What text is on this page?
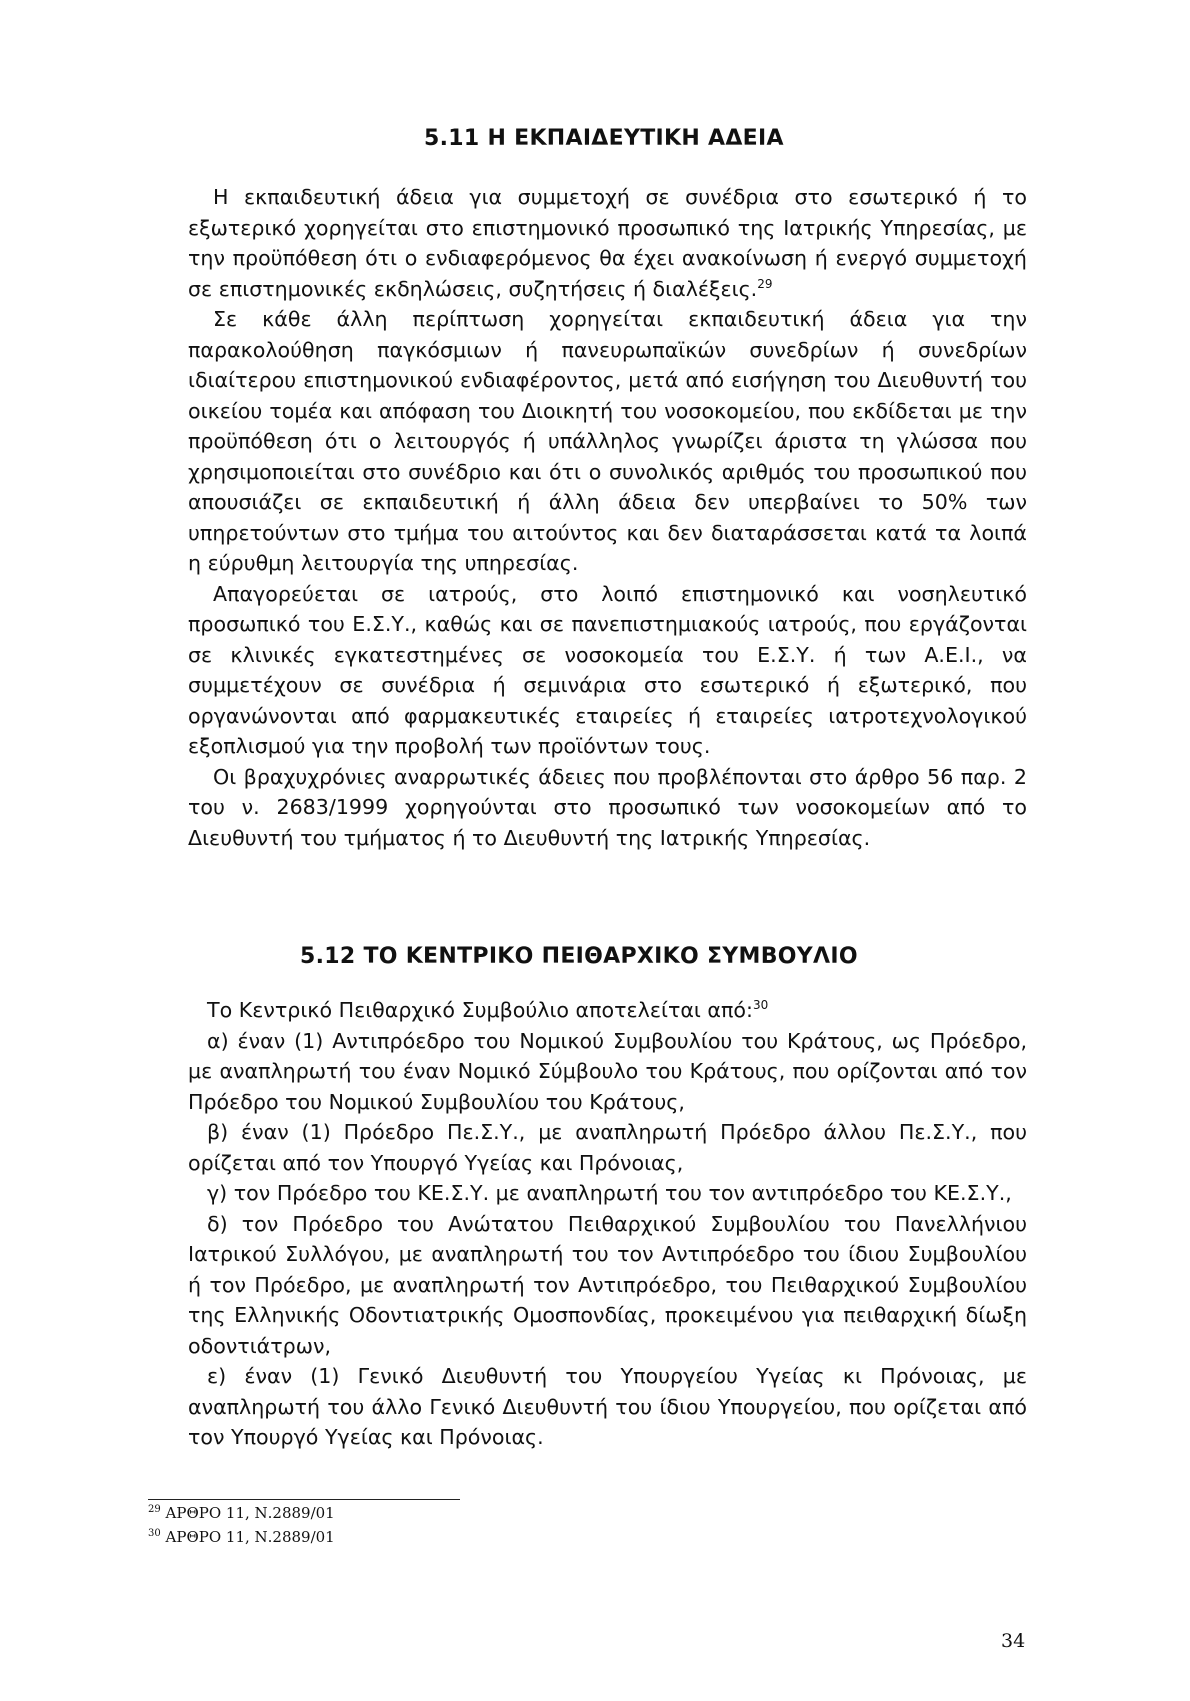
5.11 Η ΕΚΠΑΙΔΕΥΤΙΚΗ ΑΔΕΙΑ

Η εκπαιδευτική άδεια για συμμετοχή σε συνέδρια στο εσωτερικό ή το εξωτερικό χορηγείται στο επιστημονικό προσωπικό της Ιατρικής Υπηρεσίας, με την προϋπόθεση ότι ο ενδιαφερόμενος θα έχει ανακοίνωση ή ενεργό συμμετοχή σε επιστημονικές εκδηλώσεις, συζητήσεις ή διαλέξεις.$^{29}$

Σε κάθε άλλη περίπτωση χορηγείται εκπαιδευτική άδεια για την παρακολούθηση παγκόσμιων ή πανευρωπαϊκών συνεδρίων ή συνεδρίων ιδιαίτερου επιστημονικού ενδιαφέροντος, μετά από εισήγηση του Διευθυντή του οικείου τομέα και απόφαση του Διοικητή του νοσοκομείου, που εκδίδεται με την προϋπόθεση ότι ο λειτουργός ή υπάλληλος γνωρίζει άριστα τη γλώσσα που χρησιμοποιείται στο συνέδριο και ότι ο συνολικός αριθμός του προσωπικού που απουσιάζει σε εκπαιδευτική ή άλλη άδεια δεν υπερβαίνει το 50% των υπηρετούντων στο τμήμα του αιτούντος και δεν διαταράσσεται κατά τα λοιπά η εύρυθμη λειτουργία της υπηρεσίας.

Απαγορεύεται σε ιατρούς, στο λοιπό επιστημονικό και νοσηλευτικό προσωπικό του Ε.Σ.Υ., καθώς και σε πανεπιστημιακούς ιατρούς, που εργάζονται σε κλινικές εγκατεστημένες σε νοσοκομεία του Ε.Σ.Υ. ή των Α.Ε.Ι., να συμμετέχουν σε συνέδρια ή σεμινάρια στο εσωτερικό ή εξωτερικό, που οργανώνονται από φαρμακευτικές εταιρείες ή εταιρείες ιατροτεχνολογικού εξοπλισμού για την προβολή των προϊόντων τους.

Οι βραχυχρόνιες αναρρωτικές άδειες που προβλέπονται στο άρθρο 56 παρ. 2 του ν. 2683/1999 χορηγούνται στο προσωπικό των νοσοκομείων από το Διευθυντή του τμήματος ή το Διευθυντή της Ιατρικής Υπηρεσίας.

5.12 ΤΟ ΚΕΝΤΡΙΚΟ ΠΕΙΘΑΡΧΙΚΟ ΣΥΜΒΟΥΛΙΟ

Το Κεντρικό Πειθαρχικό Συμβούλιο αποτελείται από:$^{30}$

α) έναν (1) Αντιπρόεδρο του Νομικού Συμβουλίου του Κράτους, ως Πρόεδρο, με αναπληρωτή του έναν Νομικό Σύμβουλο του Κράτους, που ορίζονται από τον Πρόεδρο του Νομικού Συμβουλίου του Κράτους,

β) έναν (1) Πρόεδρο Πε.Σ.Υ., με αναπληρωτή Πρόεδρο άλλου Πε.Σ.Υ., που ορίζεται από τον Υπουργό Υγείας και Πρόνοιας,

γ) τον Πρόεδρο του ΚΕ.Σ.Υ. με αναπληρωτή του τον αντιπρόεδρο του ΚΕ.Σ.Υ.,

δ) τον Πρόεδρο του Ανώτατου Πειθαρχικού Συμβουλίου του Πανελλήνιου Ιατρικού Συλλόγου, με αναπληρωτή του τον Αντιπρόεδρο του ίδιου Συμβουλίου ή τον Πρόεδρο, με αναπληρωτή τον Αντιπρόεδρο, του Πειθαρχικού Συμβουλίου της Ελληνικής Οδοντιατρικής Ομοσπονδίας, προκειμένου για πειθαρχική δίωξη οδοντιάτρων,

ε) έναν (1) Γενικό Διευθυντή του Υπουργείου Υγείας κι Πρόνοιας, με αναπληρωτή του άλλο Γενικό Διευθυντή του ίδιου Υπουργείου, που ορίζεται από τον Υπουργό Υγείας και Πρόνοιας.

$^{29}$ ΑΡΘΡΟ 11, Ν.2889/01
$^{30}$ ΑΡΘΡΟ 11, Ν.2889/01
34
